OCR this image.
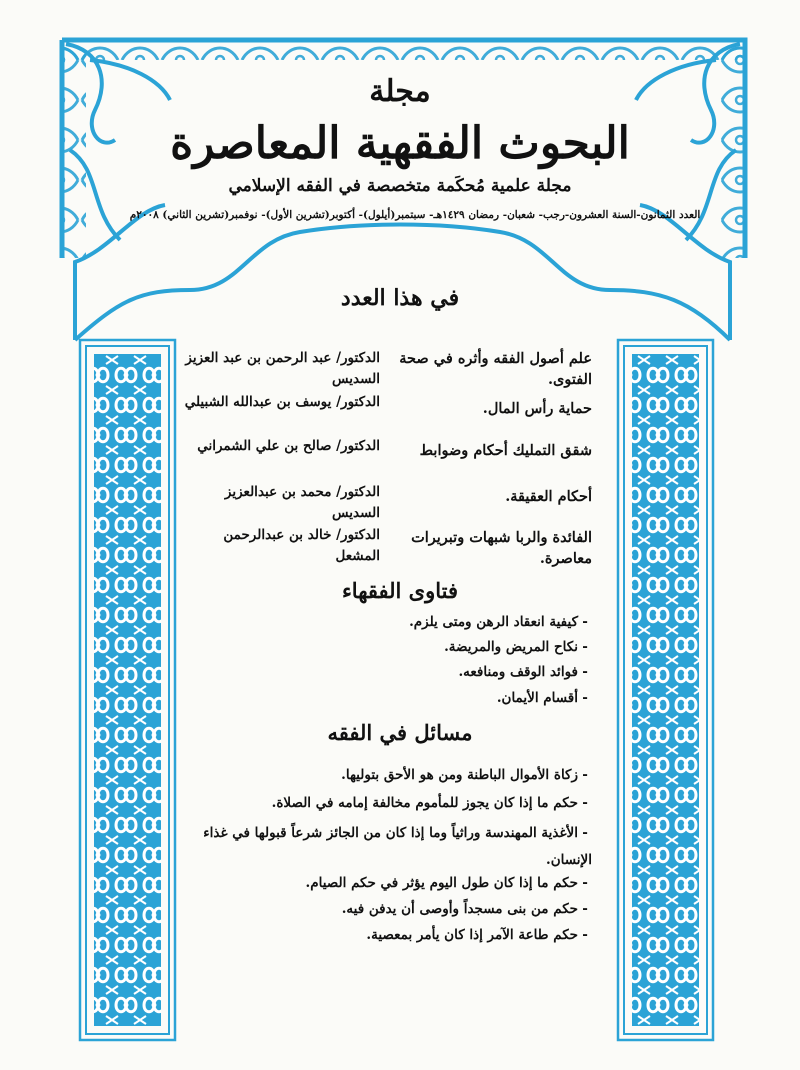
مجلة
البحوث الفقهية المعاصرة
مجلة علمية مُحكَمة متخصصة في الفقه الإسلامي
العدد الثمانون-السنة العشرون-رجب- شعبان- رمضان ١٤٢٩هـ- سبتمبر(أيلول)- أكتوبر(تشرين الأول)- نوفمبر(تشرين الثاني) ٢٠٠٨م
في هذا العدد
علم أصول الفقه وأثره في صحة الفتوى.
الدكتور/ عبد الرحمن بن عبد العزيز السديس
حماية رأس المال.
الدكتور/ يوسف بن عبدالله الشبيلي
شقق التمليك أحكام وضوابط
الدكتور/ صالح بن علي الشمراني
أحكام العقيقة.
الدكتور/ محمد بن عبدالعزيز السديس
الفائدة والربا شبهات وتبريرات معاصرة.
الدكتور/ خالد بن عبدالرحمن المشعل
فتاوى الفقهاء
-كيفية انعقاد الرهن ومتى يلزم.
-نكاح المريض والمريضة.
-فوائد الوقف ومنافعه.
-أقسام الأيمان.
مسائل في الفقه
-زكاة الأموال الباطنة ومن هو الأحق بتوليها.
-حكم ما إذا كان يجوز للمأموم مخالفة إمامه في الصلاة.
-الأغذية المهندسة وراثياً وما إذا كان من الجائز شرعاً قبولها في غذاء الإنسان.
-حكم ما إذا كان طول اليوم يؤثر في حكم الصيام.
-حكم من بنى مسجداً وأوصى أن يدفن فيه.
-حكم طاعة الآمر إذا كان يأمر بمعصية.
